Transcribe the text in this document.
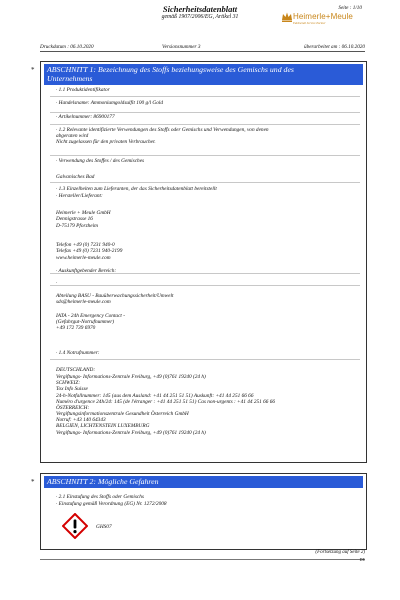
Sicherheitsdatenblatt
gemäß 1907/2006/EG, Artikel 31
Seite : 1/10
Heimerle+Meule
Edelmetall Service Partner
Druckdatum : 06.10.2020	Versionsnummer 3	überarbeitet am : 06.10.2020
* ABSCHNITT 1: Bezeichnung des Stoffs beziehungsweise des Gemischs und des
Unternehmens
· 1.1 Produktidentifikator
· Handelsname: Ammoniumgoldsulfit 100 g/l Gold
· Artikelnummer: 86900177
· 1.2 Relevante identifizierte Verwendungen des Stoffs oder Gemischs und Verwendungen, von denen
abgeraten wird
Nicht zugelassen für den privaten Verbraucher.
· Verwendung des Stoffes / des Gemisches
Galvanisches Bad
· 1.3 Einzelheiten zum Lieferanten, der das Sicherheitsdatenblatt bereitstellt
· Hersteller/Lieferant:
Heimerle + Meule GmbH
Dennigstrasse 16
D-75179 Pforzheim
Telefon +49 (0) 7231 940-0
Telefax +49 (0) 7231 940-2199
www.heimerle-meule.com
· Auskunftgebender Bereich:
·
Abteilung BASU - Bauüberwachungssicherheit/Umwelt
sds@heimerle-meule.com
IATA - 24h Emergency Contact -
(Gefahrgut-Notrufnummer)
+49 172 739 6970
· 1.4 Notrufnummer:
DEUTSCHLAND:
Vergiftungs- Informations-Zentrale Freiburg, +49 (0)761 19240 (24 h)
SCHWEIZ:
Tox Info Suisse
24-h-Notfallnummer: 145 (aus dem Ausland: +41 44 251 51 51) Auskunft: +41 44 251 66 66
Numéro d'urgence 24h/24: 145 (de l'étranger : +41 44 251 51 51) Cas non-urgents : +41 44 251 66 66
ÖSTERREICH:
Vergiftungsinformationszentrale Gesundheit Österreich GmbH
Notruf: +43 140 64343
BELGIEN, LICHTENSTEIN LUXEMBURG
Vergiftungs- Informations-Zentrale Freiburg, +49 (0)761 19240 (24 h)
* ABSCHNITT 2: Mögliche Gefahren
· 2.1 Einstufung des Stoffs oder Gemischs
· Einstufung gemäß Verordnung (EG) Nr. 1272/2008
GHS07
(Fortsetzung auf Seite 2)
DE
